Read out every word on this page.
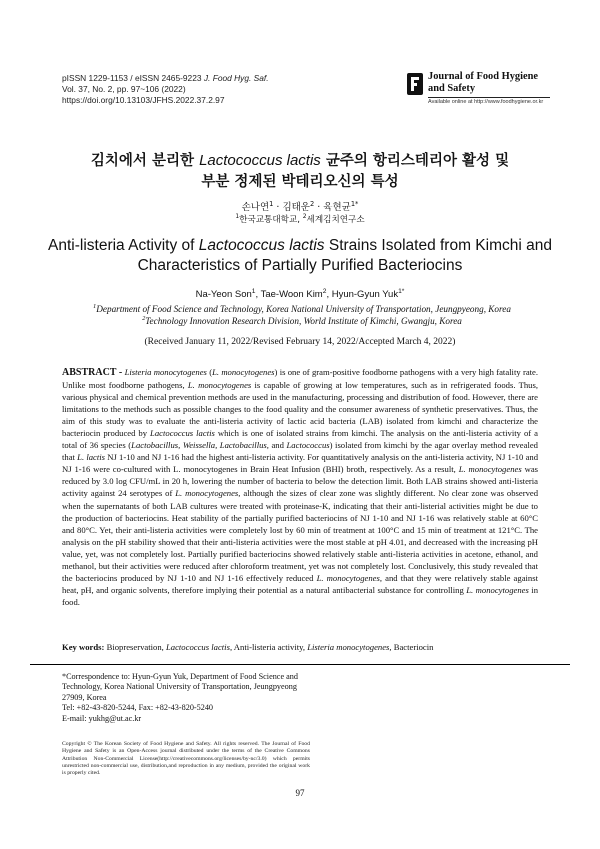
pISSN 1229-1153 / eISSN 2465-9223 J. Food Hyg. Saf.
Vol. 37, No. 2, pp. 97~106 (2022)
https://doi.org/10.13103/JFHS.2022.37.2.97
Journal of Food Hygiene
and Safety
Available online at http://www.foodhygiene.or.kr
김치에서 분리한 Lactococcus lactis 균주의 항리스테리아 활성 및
부분 정제된 박테리오신의 특성
손나연$^1$ · 김태운$^2$ · 육현균$^{1*}$
$^1$한국교통대학교, $^2$세계김치연구소
Anti-listeria Activity of Lactococcus lactis Strains Isolated from Kimchi and
Characteristics of Partially Purified Bacteriocins
Na-Yeon Son$^1$, Tae-Woon Kim$^2$, Hyun-Gyun Yuk$^{1*}$
$^1$Department of Food Science and Technology, Korea National University of Transportation, Jeungpyeong, Korea
$^2$Technology Innovation Research Division, World Institute of Kimchi, Gwangju, Korea
(Received January 11, 2022/Revised February 14, 2022/Accepted March 4, 2022)
ABSTRACT - Listeria monocytogenes (L. monocytogenes) is one of gram-positive foodborne pathogens with a very high fatality rate. Unlike most foodborne pathogens, L. monocytogenes is capable of growing at low temperatures, such as in refrigerated foods. Thus, various physical and chemical prevention methods are used in the manufacturing, processing and distribution of food. However, there are limitations to the methods such as possible changes to the food quality and the consumer awareness of synthetic preservatives. Thus, the aim of this study was to evaluate the anti-listeria activity of lactic acid bacteria (LAB) isolated from kimchi and characterize the bacteriocin produced by Lactococcus lactis which is one of isolated strains from kimchi. The analysis on the anti-listeria activity of a total of 36 species (Lactobacillus, Weissella, Lactobacillus, and Lactococcus) isolated from kimchi by the agar overlay method revealed that L. lactis NJ 1-10 and NJ 1-16 had the highest anti-listeria activity. For quantitatively analysis on the anti-listeria activity, NJ 1-10 and NJ 1-16 were co-cultured with L. monocytogenes in Brain Heat Infusion (BHI) broth, respectively. As a result, L. monocytogenes was reduced by 3.0 log CFU/mL in 20 h, lowering the number of bacteria to below the detection limit. Both LAB strains showed anti-listeria activity against 24 serotypes of L. monocytogenes, although the sizes of clear zone was slightly different. No clear zone was observed when the supernatants of both LAB cultures were treated with proteinase-K, indicating that their anti-listerial activities might be due to the production of bacteriocins. Heat stability of the partially purified bacteriocins of NJ 1-10 and NJ 1-16 was relatively stable at 60°C and 80°C. Yet, their anti-listeria activities were completely lost by 60 min of treatment at 100°C and 15 min of treatment at 121°C. The analysis on the pH stability showed that their anti-listeria activities were the most stable at pH 4.01, and decreased with the increasing pH value, yet, was not completely lost. Partially purified bacteriocins showed relatively stable anti-listeria activities in acetone, ethanol, and methanol, but their activities were reduced after chloroform treatment, yet was not completely lost. Conclusively, this study revealed that the bacteriocins produced by NJ 1-10 and NJ 1-16 effectively reduced L. monocytogenes, and that they were relatively stable against heat, pH, and organic solvents, therefore implying their potential as a natural antibacterial substance for controlling L. monocytogenes in food.
Key words: Biopreservation, Lactococcus lactis, Anti-listeria activity, Listeria monocytogenes, Bacteriocin

*Correspondence to: Hyun-Gyun Yuk, Department of Food Science and Technology, Korea National University of Transportation, Jeungpyeong 27909, Korea

Tel: +82-43-820-5244, Fax: +82-43-820-5240

E-mail: yukhg@ut.ac.kr

Copyright © The Korean Society of Food Hygiene and Safety. All rights reserved. The Journal of Food Hygiene and Safety is an Open-Access journal distributed under the terms of the Creative Commons Attribution Non-Commercial License(http://creativecommons.org/licenses/by-nc/3.0) which permits unrestricted non-commercial use, distribution,and reproduction in any medium, provided the original work is properly cited.
97
